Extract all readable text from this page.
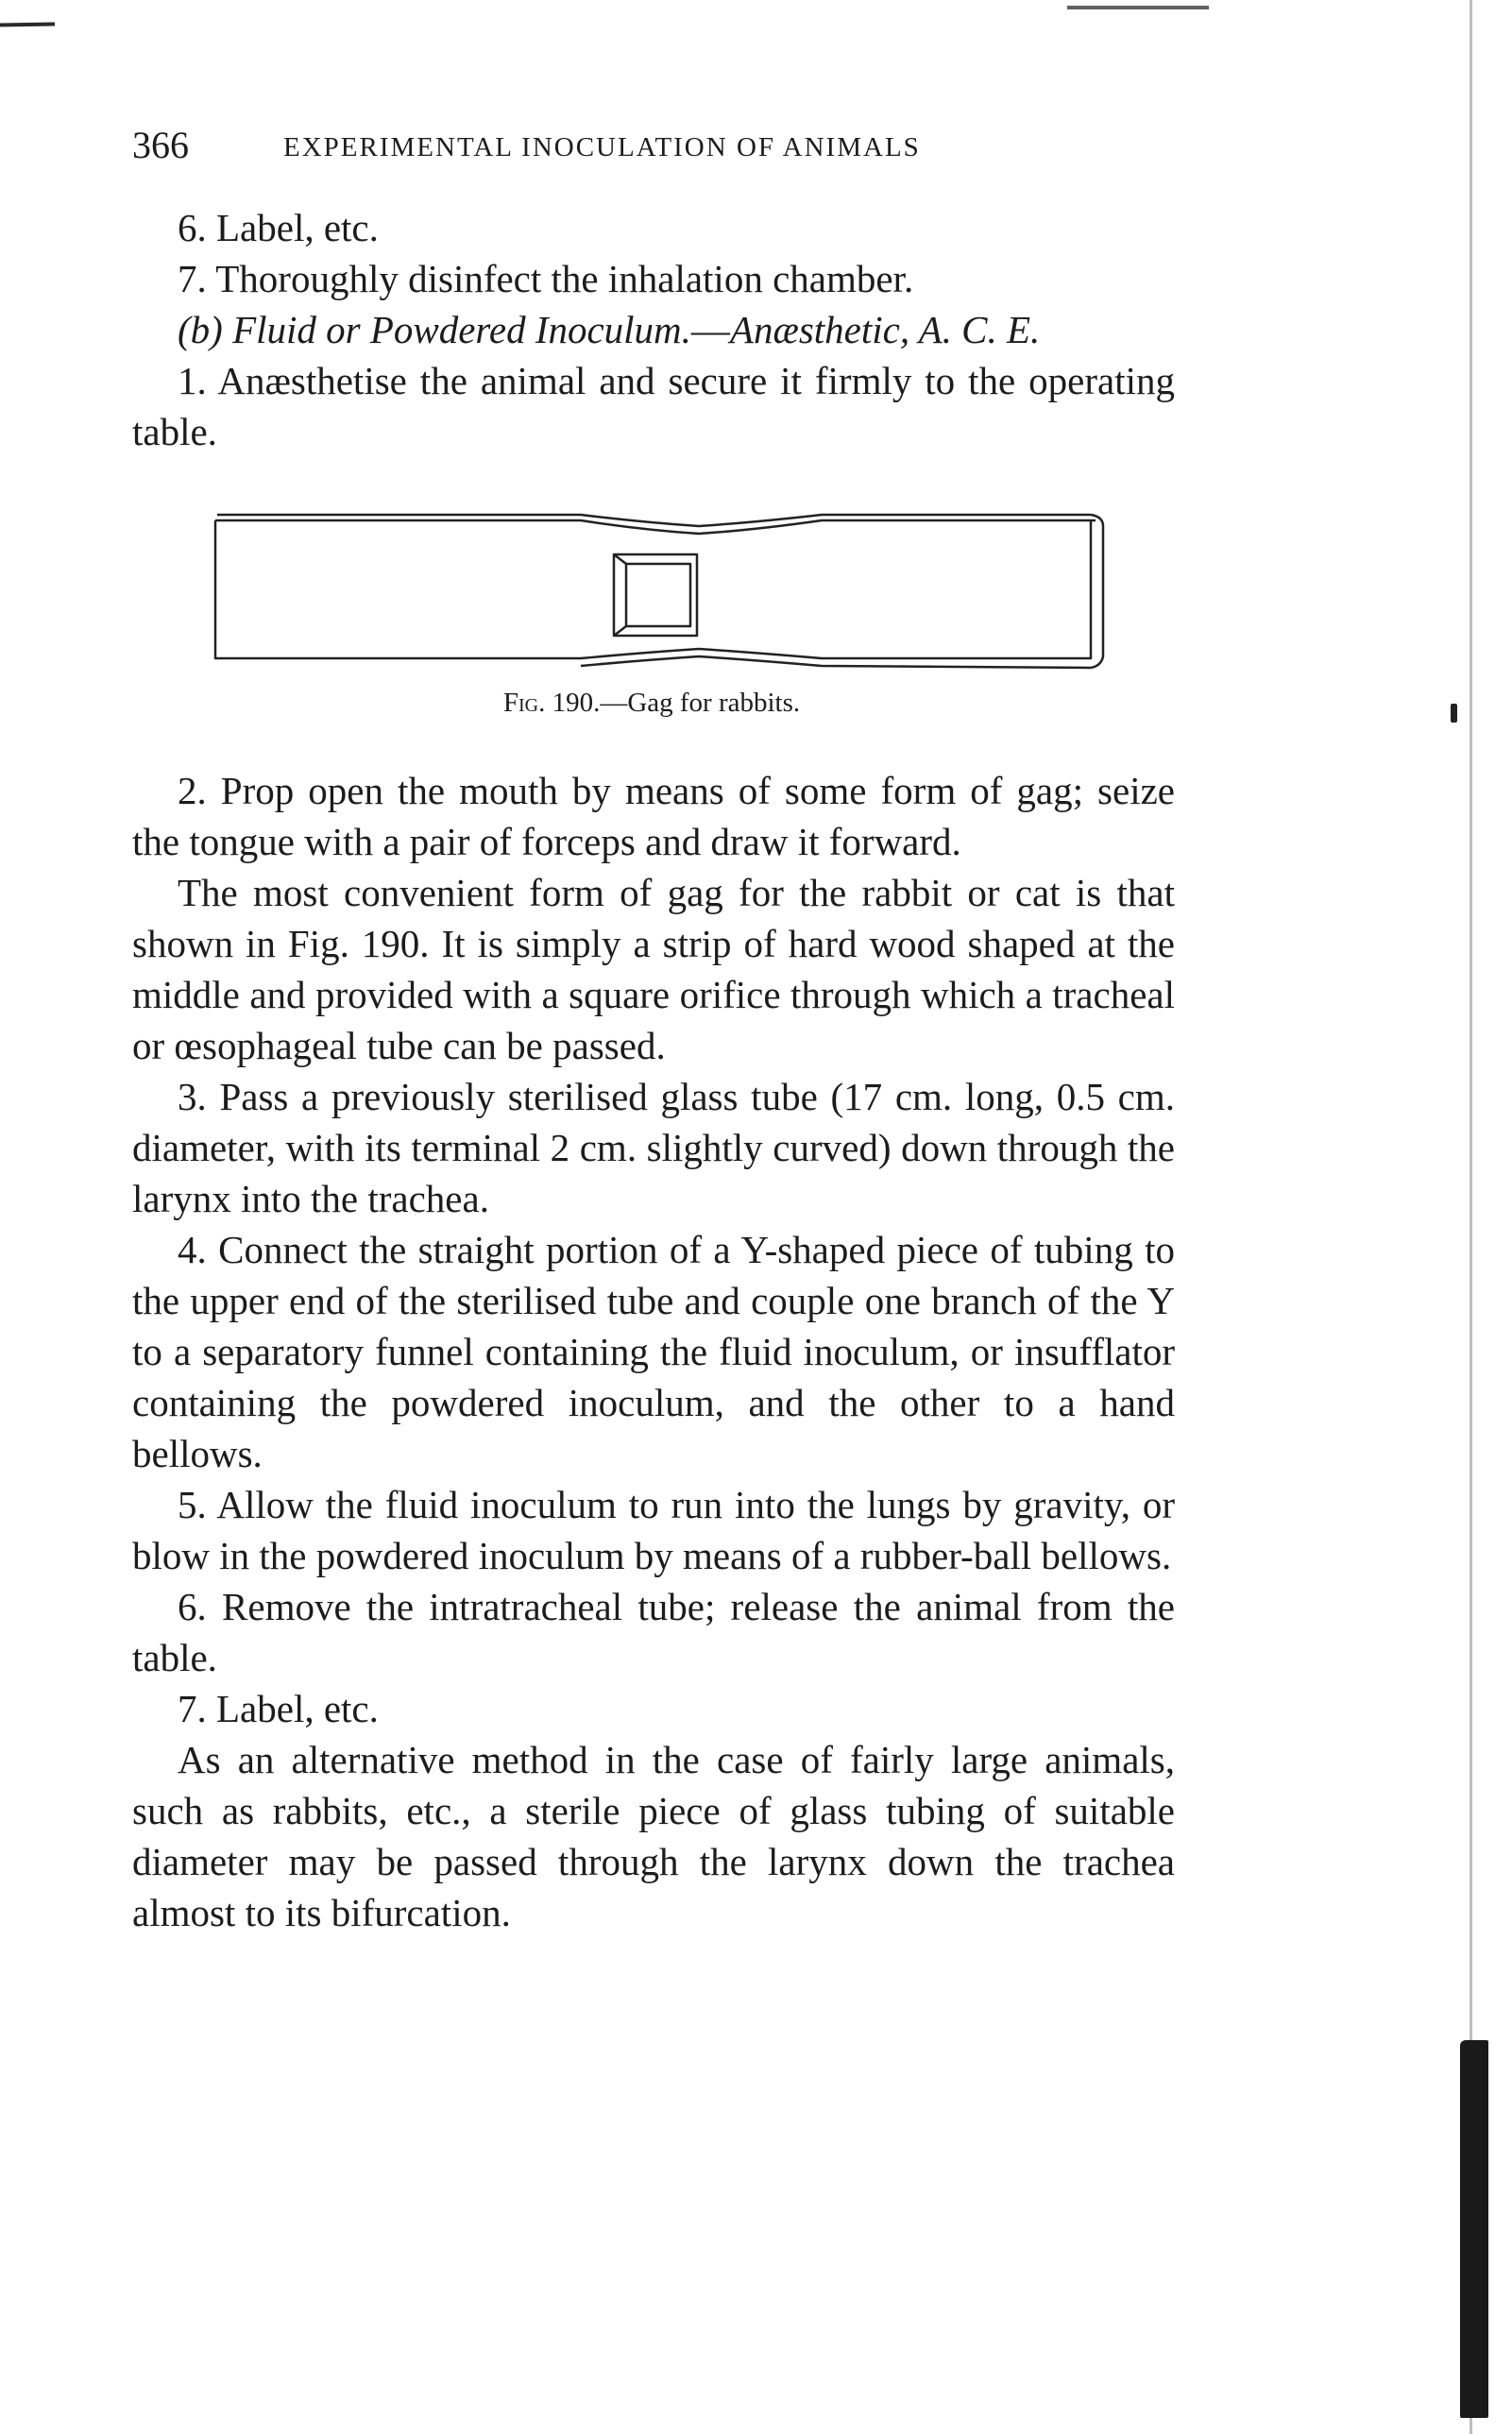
366	EXPERIMENTAL INOCULATION OF ANIMALS

6. Label, etc.

7. Thoroughly disinfect the inhalation chamber.

(b) Fluid or Powdered Inoculum.—Anæsthetic, A. C. E.

1. Anæsthetise the animal and secure it firmly to the operating table.

Fig. 190.—Gag for rabbits.

2. Prop open the mouth by means of some form of gag; seize the tongue with a pair of forceps and draw it forward.

The most convenient form of gag for the rabbit or cat is that shown in Fig. 190. It is simply a strip of hard wood shaped at the middle and provided with a square orifice through which a tracheal or œsophageal tube can be passed.

3. Pass a previously sterilised glass tube (17 cm. long, 0.5 cm. diameter, with its terminal 2 cm. slightly curved) down through the larynx into the trachea.

4. Connect the straight portion of a Y-shaped piece of tubing to the upper end of the sterilised tube and couple one branch of the Y to a separatory funnel containing the fluid inoculum, or insufflator containing the powdered inoculum, and the other to a hand bellows.

5. Allow the fluid inoculum to run into the lungs by gravity, or blow in the powdered inoculum by means of a rubber-ball bellows.

6. Remove the intratracheal tube; release the animal from the table.

7. Label, etc.

As an alternative method in the case of fairly large animals, such as rabbits, etc., a sterile piece of glass tubing of suitable diameter may be passed through the larynx down the trachea almost to its bifurcation.
